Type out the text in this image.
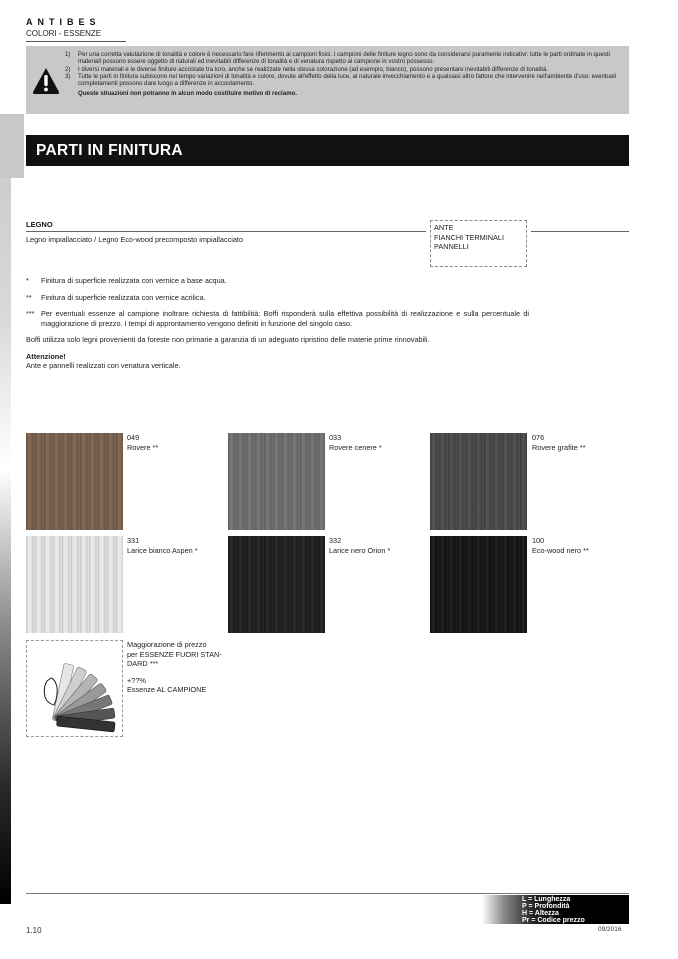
ANTIBES
COLORI - ESSENZE
1)	Per una corretta valutazione di tonalità e colore è necessario fare riferimento ai campioni fisici. I campioni delle finiture legno sono da considerarsi puramente indicativi: tutte le parti ordinate in questi materiali possono essere oggetto di naturali ed inevitabili differenze di tonalità e di venatura rispetto al campione in vostro possesso.
2)	I diversi materiali e le diverse finiture accostate tra loro, anche se realizzate nella stessa colorazione (ad esempio, bianco), possono presentare inevitabili differenze di tonalità.
3)	Tutte le parti in finitura subiscono nel tempo variazioni di tonalità e colore, dovute all'effetto della luce, al naturale invecchiamento e a qualsiasi altro fattore che intervenire nell'ambiente d'uso: eventuali completamenti possono dare luogo a differenze in accostamento.
Queste situazioni non potranno in alcun modo costituire motivo di reclamo.
PARTI IN FINITURA
LEGNO
Legno impiallacciato / Legno Eco-wood precomposto impiallacciato
ANTE
FIANCHI TERMINALI
PANNELLI
* Finitura di superficie realizzata con vernice a base acqua.
** Finitura di superficie realizzata con vernice acrilica.
*** Per eventuali essenze al campione inoltrare richiesta di fattibilità: Boffi risponderà sulla effettiva possibilità di realizzazione e sulla percentuale di maggiorazione di prezzo. I tempi di approntamento vengono definiti in funzione del singolo caso.
Boffi utilizza solo legni provenienti da foreste non primarie a garanzia di un adeguato ripristino delle materie prime rinnovabili.
Attenzione!
Ante e pannelli realizzati con venatura verticale.
049
Rovere **
033
Rovere cenere *
076
Rovere grafite **
331
Larice bianco Aspen *
332
Larice nero Orion *
100
Eco-wood nero **
Maggiorazione di prezzo
per ESSENZE FUORI STAN-
DARD ***
+??%
Essenze AL CAMPIONE
L = Lunghezza
P = Profondità
H = Altezza
Pr = Codice prezzo
1.10	09/2016
